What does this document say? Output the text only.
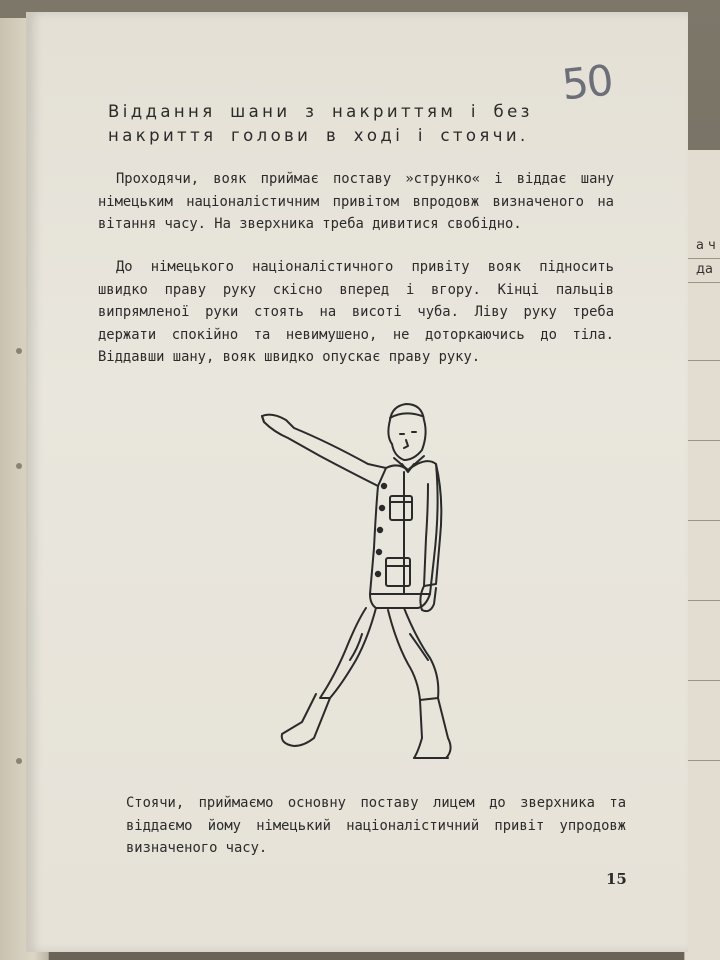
а ч
да
50
Віддання шани з накриттям і без накриття голови в ході і стоячи.
Проходячи, вояк приймає поставу »струнко« і віддає шану німецьким націоналістичним привітом впродовж визначеного на вітання часу. На зверхника треба дивитися свобідно.
До німецького націоналістичного привіту вояк підносить швидко праву руку скісно вперед і вгору. Кінці пальців випрямленої руки стоять на висоті чуба. Ліву руку треба держати спокійно та невимушено, не доторкаючись до тіла. Віддавши шану, вояк швидко опускає праву руку.
Стоячи, приймаємо основну поставу лицем до зверхника та віддаємо йому німецький націоналістичний привіт упродовж визначеного часу.
15
